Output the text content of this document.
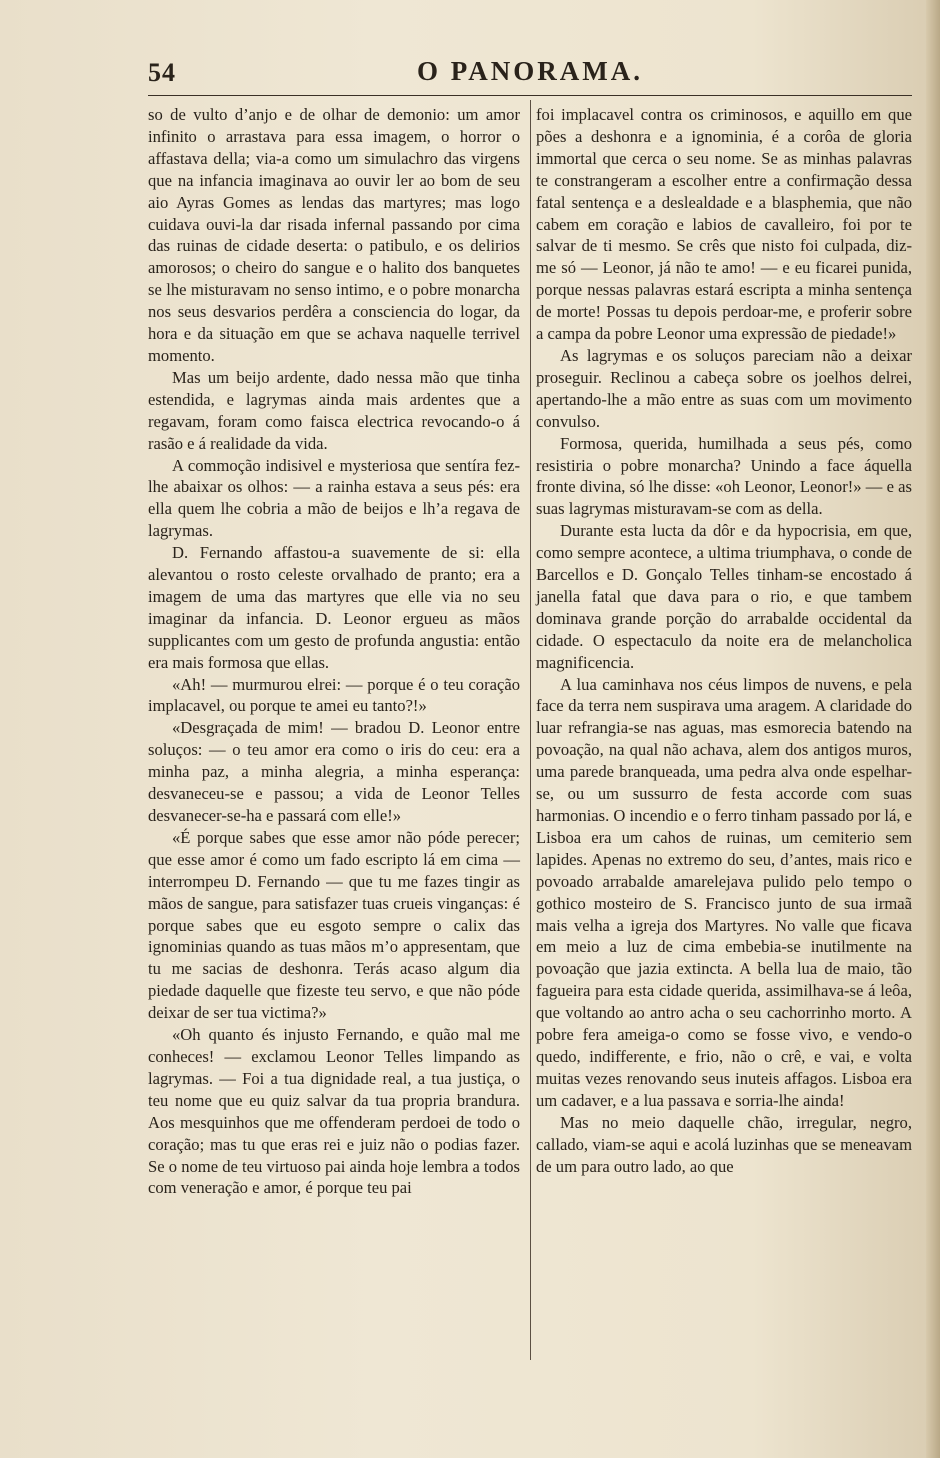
54	O PANORAMA.

so de vulto d’anjo e de olhar de demonio: um amor infinito o arrastava para essa imagem, o horror o affastava della; via-a como um simulachro das virgens que na infancia imaginava ao ouvir ler ao bom de seu aio Ayras Gomes as lendas das martyres; mas logo cuidava ouvi-la dar risada infernal passando por cima das ruinas de cidade deserta: o patibulo, e os delirios amorosos; o cheiro do sangue e o halito dos banquetes se lhe misturavam no senso intimo, e o pobre monarcha nos seus desvarios perdêra a consciencia do logar, da hora e da situação em que se achava naquelle terrivel momento.

Mas um beijo ardente, dado nessa mão que tinha estendida, e lagrymas ainda mais ardentes que a regavam, foram como faisca electrica revocando-o á rasão e á realidade da vida.

A commoção indisivel e mysteriosa que sentíra fez-lhe abaixar os olhos: — a rainha estava a seus pés: era ella quem lhe cobria a mão de beijos e lh’a regava de lagrymas.

D. Fernando affastou-a suavemente de si: ella alevantou o rosto celeste orvalhado de pranto; era a imagem de uma das martyres que elle via no seu imaginar da infancia. D. Leonor ergueu as mãos supplicantes com um gesto de profunda angustia: então era mais formosa que ellas.

«Ah! — murmurou elrei: — porque é o teu coração implacavel, ou porque te amei eu tanto?!»

«Desgraçada de mim! — bradou D. Leonor entre soluços: — o teu amor era como o iris do ceu: era a minha paz, a minha alegria, a minha esperança: desvaneceu-se e passou; a vida de Leonor Telles desvanecer-se-ha e passará com elle!»

«É porque sabes que esse amor não póde perecer; que esse amor é como um fado escripto lá em cima — interrompeu D. Fernando — que tu me fazes tingir as mãos de sangue, para satisfazer tuas crueis vinganças: é porque sabes que eu esgoto sempre o calix das ignominias quando as tuas mãos m’o appresentam, que tu me sacias de deshonra. Terás acaso algum dia piedade daquelle que fizeste teu servo, e que não póde deixar de ser tua victima?»

«Oh quanto és injusto Fernando, e quão mal me conheces! — exclamou Leonor Telles limpando as lagrymas. — Foi a tua dignidade real, a tua justiça, o teu nome que eu quiz salvar da tua propria brandura. Aos mesquinhos que me offenderam perdoei de todo o coração; mas tu que eras rei e juiz não o podias fazer. Se o nome de teu virtuoso pai ainda hoje lembra a todos com veneração e amor, é porque teu pai

foi implacavel contra os criminosos, e aquillo em que pões a deshonra e a ignominia, é a corôa de gloria immortal que cerca o seu nome. Se as minhas palavras te constrangeram a escolher entre a confirmação dessa fatal sentença e a deslealdade e a blasphemia, que não cabem em coração e labios de cavalleiro, foi por te salvar de ti mesmo. Se crês que nisto foi culpada, diz-me só — Leonor, já não te amo! — e eu ficarei punida, porque nessas palavras estará escripta a minha sentença de morte! Possas tu depois perdoar-me, e proferir sobre a campa da pobre Leonor uma expressão de piedade!»

As lagrymas e os soluços pareciam não a deixar proseguir. Reclinou a cabeça sobre os joelhos delrei, apertando-lhe a mão entre as suas com um movimento convulso.

Formosa, querida, humilhada a seus pés, como resistiria o pobre monarcha? Unindo a face áquella fronte divina, só lhe disse: «oh Leonor, Leonor!» — e as suas lagrymas misturavam-se com as della.

Durante esta lucta da dôr e da hypocrisia, em que, como sempre acontece, a ultima triumphava, o conde de Barcellos e D. Gonçalo Telles tinham-se encostado á janella fatal que dava para o rio, e que tambem dominava grande porção do arrabalde occidental da cidade. O espectaculo da noite era de melancholica magnificencia.

A lua caminhava nos céus limpos de nuvens, e pela face da terra nem suspirava uma aragem. A claridade do luar refrangia-se nas aguas, mas esmorecia batendo na povoação, na qual não achava, alem dos antigos muros, uma parede branqueada, uma pedra alva onde espelhar-se, ou um sussurro de festa accorde com suas harmonias. O incendio e o ferro tinham passado por lá, e Lisboa era um cahos de ruinas, um cemiterio sem lapides. Apenas no extremo do seu, d’antes, mais rico e povoado arrabalde amarelejava pulido pelo tempo o gothico mosteiro de S. Francisco junto de sua irmaã mais velha a igreja dos Martyres. No valle que ficava em meio a luz de cima embebia-se inutilmente na povoação que jazia extincta. A bella lua de maio, tão fagueira para esta cidade querida, assimilhava-se á leôa, que voltando ao antro acha o seu cachorrinho morto. A pobre fera ameiga-o como se fosse vivo, e vendo-o quedo, indifferente, e frio, não o crê, e vai, e volta muitas vezes renovando seus inuteis affagos. Lisboa era um cadaver, e a lua passava e sorria-lhe ainda!

Mas no meio daquelle chão, irregular, negro, callado, viam-se aqui e acolá luzinhas que se meneavam de um para outro lado, ao que
